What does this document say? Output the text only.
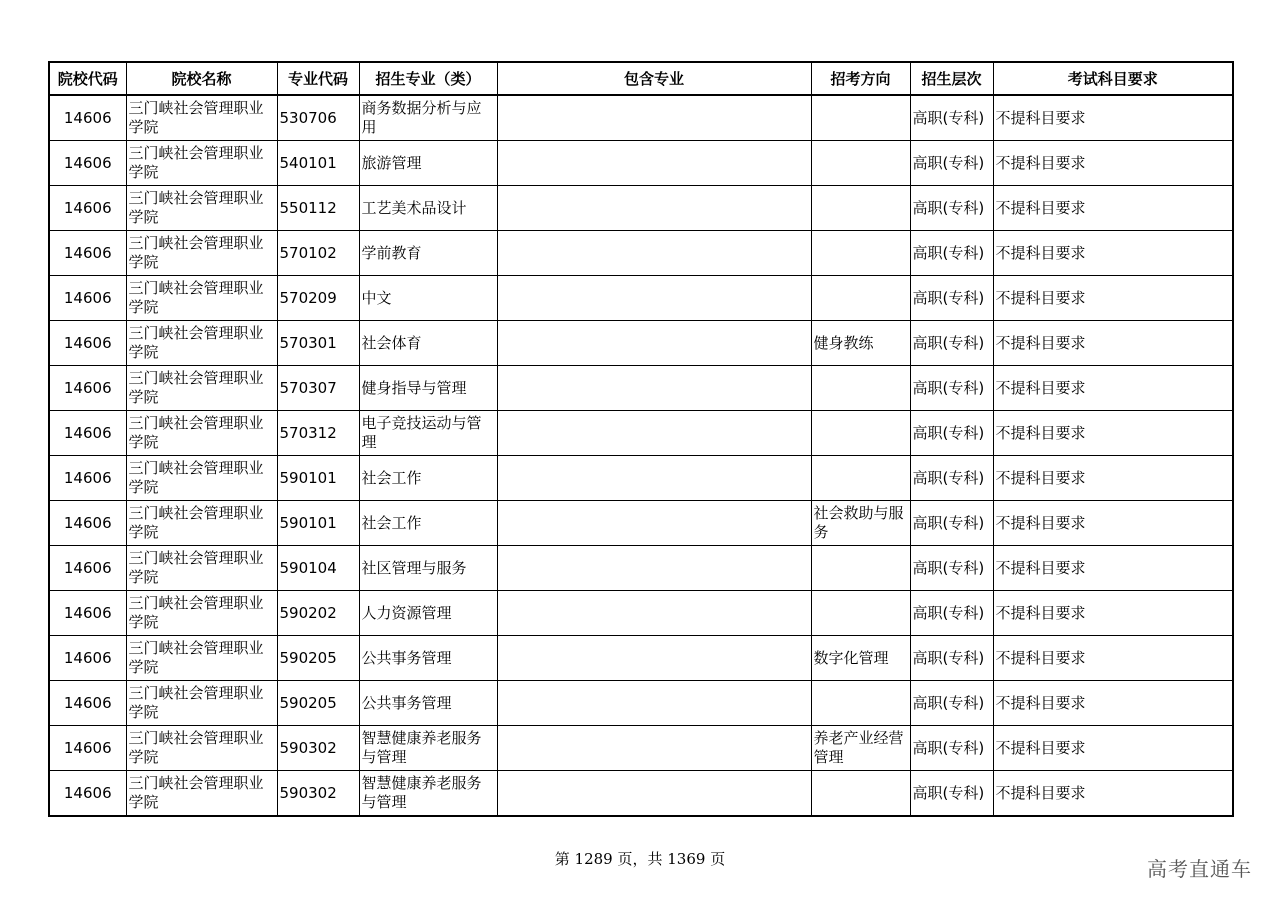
院校代码	院校名称	专业代码	招生专业（类）	包含专业	招考方向	招生层次	考试科目要求
14606	三门峡社会管理职业学院	530706	商务数据分析与应用			高职(专科)	不提科目要求
14606	三门峡社会管理职业学院	540101	旅游管理			高职(专科)	不提科目要求
14606	三门峡社会管理职业学院	550112	工艺美术品设计			高职(专科)	不提科目要求
14606	三门峡社会管理职业学院	570102	学前教育			高职(专科)	不提科目要求
14606	三门峡社会管理职业学院	570209	中文			高职(专科)	不提科目要求
14606	三门峡社会管理职业学院	570301	社会体育		健身教练	高职(专科)	不提科目要求
14606	三门峡社会管理职业学院	570307	健身指导与管理			高职(专科)	不提科目要求
14606	三门峡社会管理职业学院	570312	电子竞技运动与管理			高职(专科)	不提科目要求
14606	三门峡社会管理职业学院	590101	社会工作			高职(专科)	不提科目要求
14606	三门峡社会管理职业学院	590101	社会工作		社会救助与服务	高职(专科)	不提科目要求
14606	三门峡社会管理职业学院	590104	社区管理与服务			高职(专科)	不提科目要求
14606	三门峡社会管理职业学院	590202	人力资源管理			高职(专科)	不提科目要求
14606	三门峡社会管理职业学院	590205	公共事务管理		数字化管理	高职(专科)	不提科目要求
14606	三门峡社会管理职业学院	590205	公共事务管理			高职(专科)	不提科目要求
14606	三门峡社会管理职业学院	590302	智慧健康养老服务与管理		养老产业经营管理	高职(专科)	不提科目要求
14606	三门峡社会管理职业学院	590302	智慧健康养老服务与管理			高职(专科)	不提科目要求
第 1289 页，共 1369 页	高考直通车
